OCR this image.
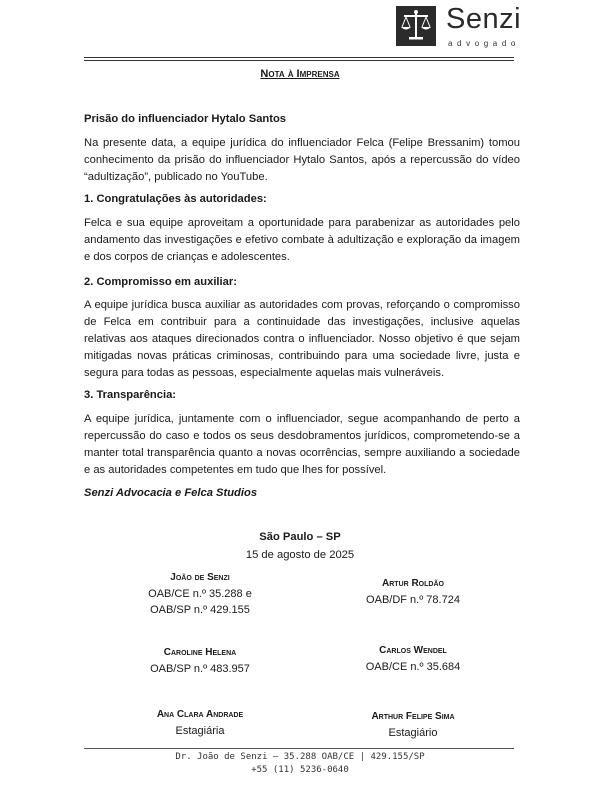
Senzi
advogado
Nota à Imprensa
Prisão do influenciador Hytalo Santos

Na presente data, a equipe jurídica do influenciador Felca (Felipe Bressanim) tomou conhecimento da prisão do influenciador Hytalo Santos, após a repercussão do vídeo “adultização”, publicado no YouTube.

1. Congratulações às autoridades:

Felca e sua equipe aproveitam a oportunidade para parabenizar as autoridades pelo andamento das investigações e efetivo combate à adultização e exploração da imagem e dos corpos de crianças e adolescentes.

2. Compromisso em auxiliar:

A equipe jurídica busca auxiliar as autoridades com provas, reforçando o compromisso de Felca em contribuir para a continuidade das investigações, inclusive aquelas relativas aos ataques direcionados contra o influenciador. Nosso objetivo é que sejam mitigadas novas práticas criminosas, contribuindo para uma sociedade livre, justa e segura para todas as pessoas, especialmente aquelas mais vulneráveis.

3. Transparência:

A equipe jurídica, juntamente com o influenciador, segue acompanhando de perto a repercussão do caso e todos os seus desdobramentos jurídicos, comprometendo-se a manter total transparência quanto a novas ocorrências, sempre auxiliando a sociedade e as autoridades competentes em tudo que lhes for possível.

Senzi Advocacia e Felca Studios
São Paulo – SP
15 de agosto de 2025
João de Senzi
OAB/CE n.º 35.288 e
OAB/SP n.º 429.155
Artur Roldão
OAB/DF n.º 78.724
Caroline Helena
OAB/SP n.º 483.957
Carlos Wendel
OAB/CE n.º 35.684
Ana Clara Andrade
Estagiária
Arthur Felipe Sima
Estagiário
Dr. João de Senzi – 35.288 OAB/CE | 429.155/SP
+55 (11) 5236-0640
